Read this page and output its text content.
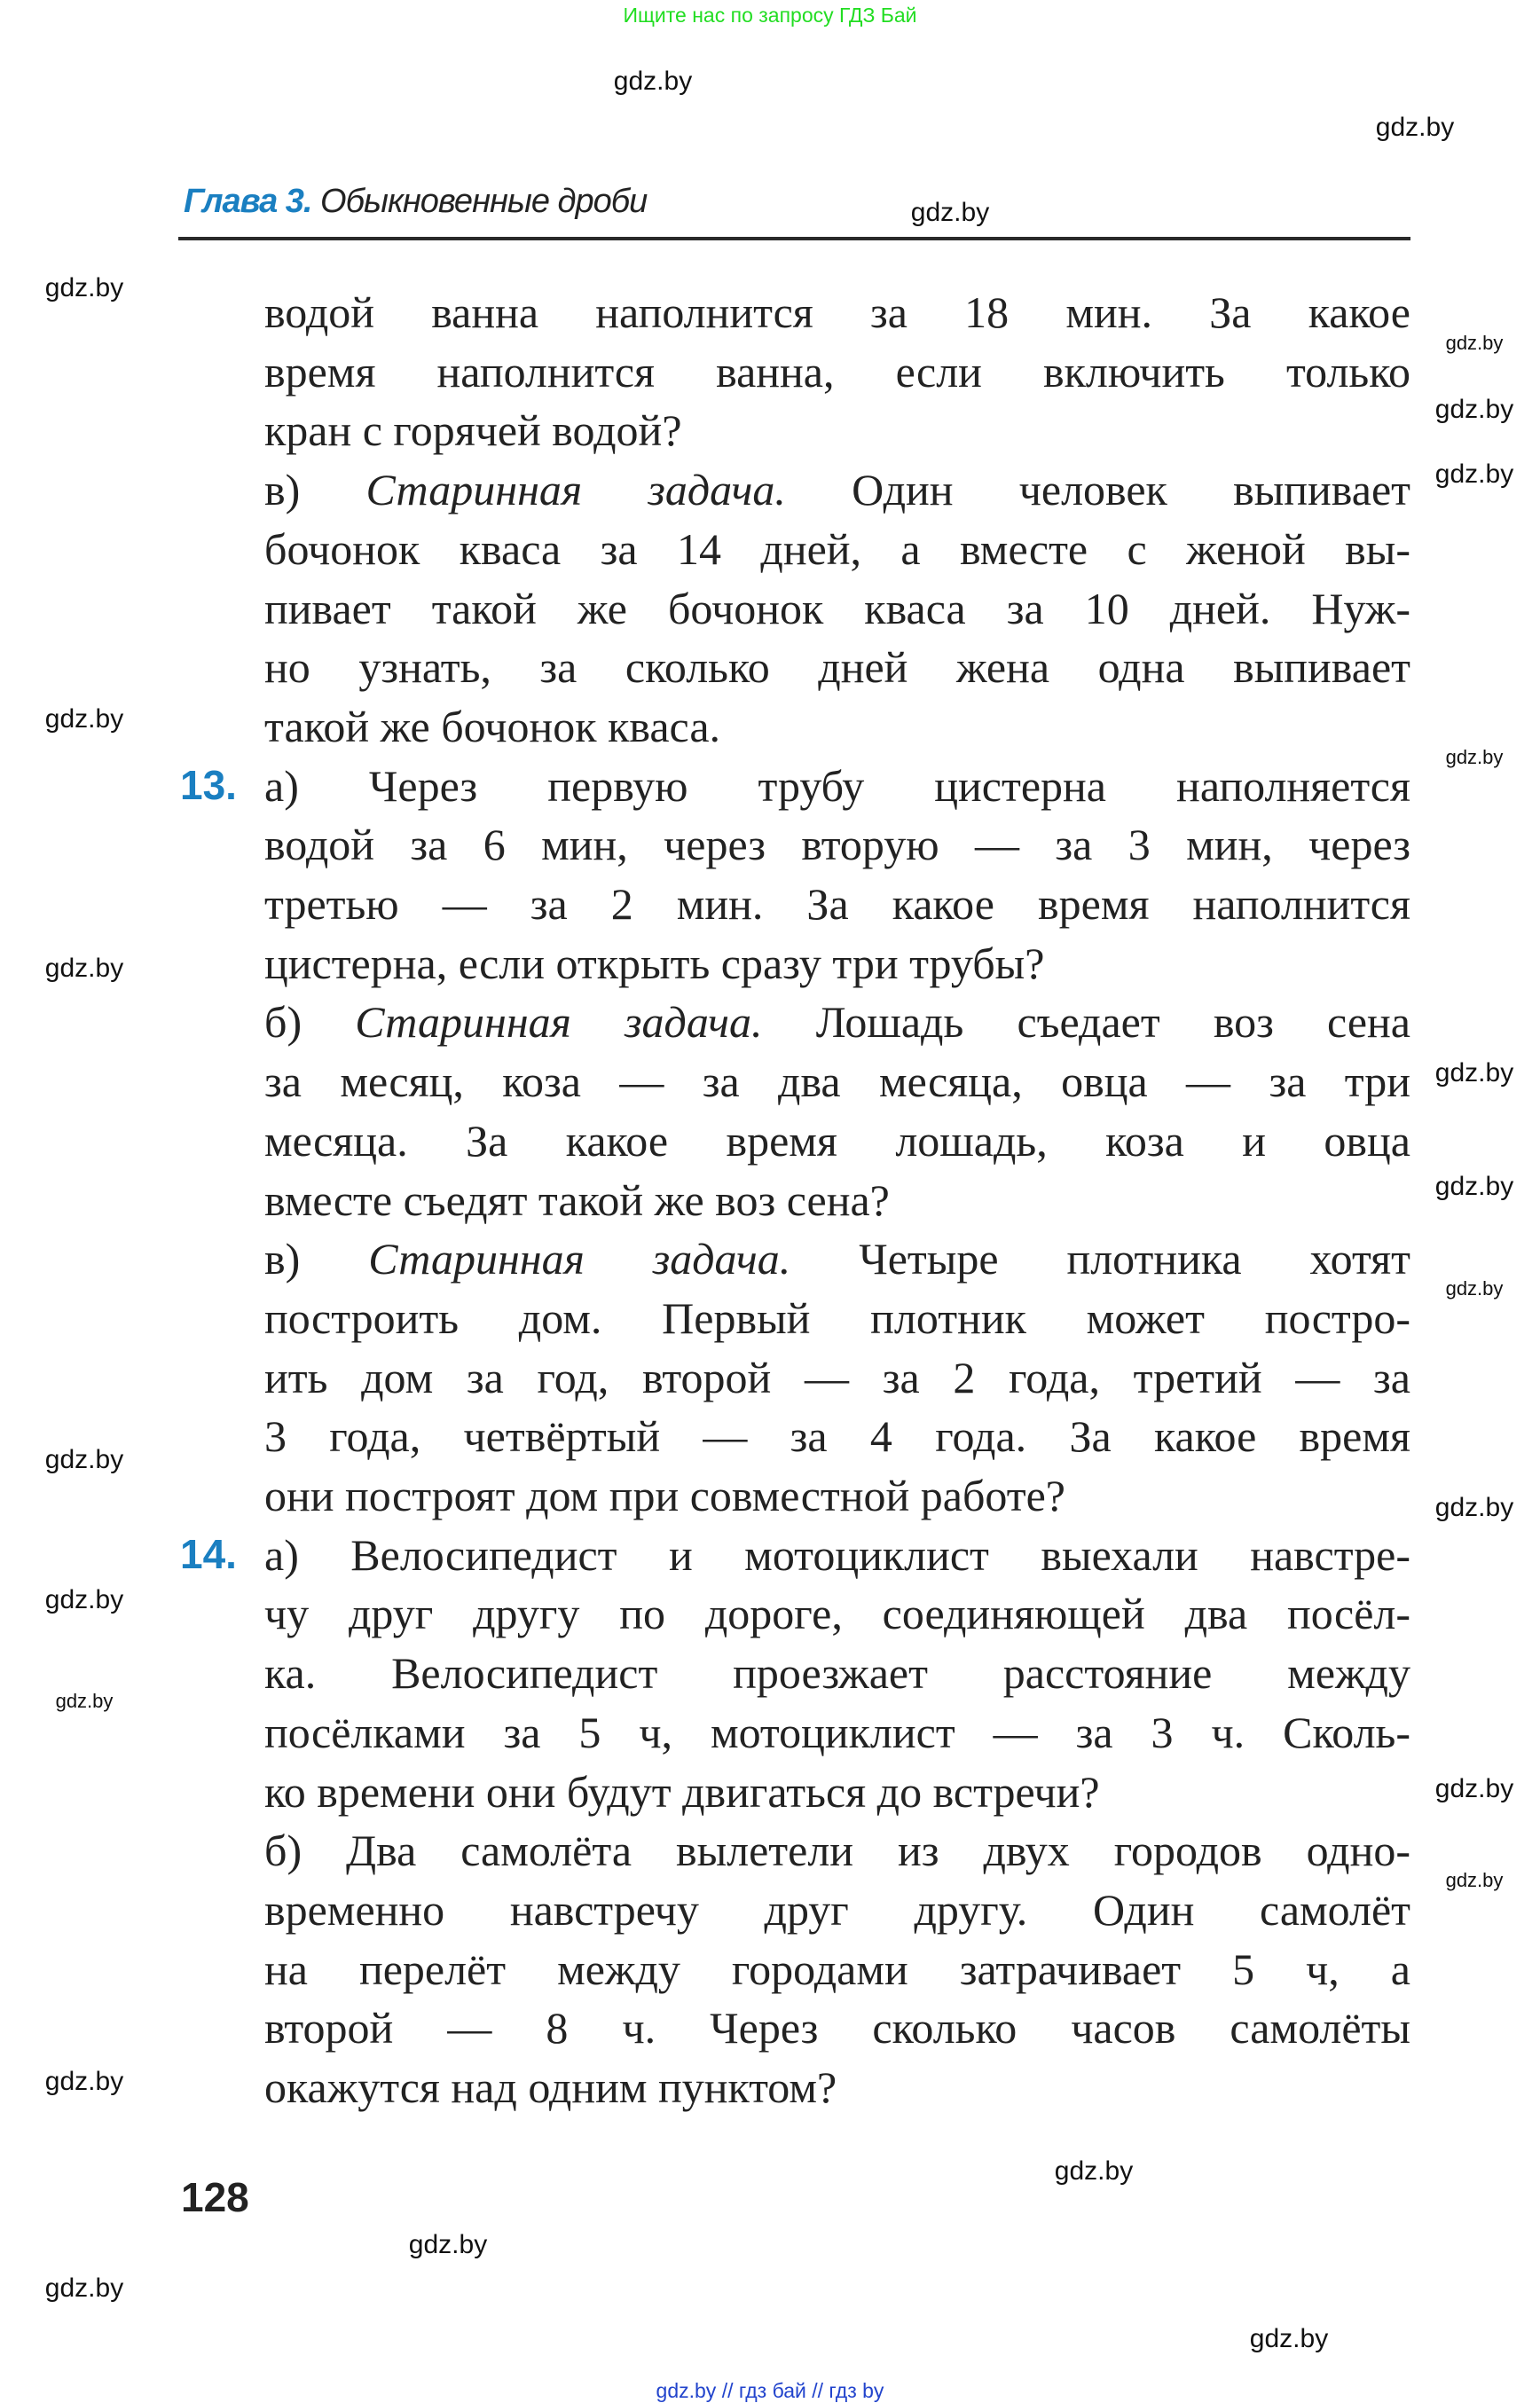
Ищите нас по запросу ГДЗ Бай
Глава 3. Обыкновенные дроби
водой ванна наполнится за 18 мин. За какое
время наполнится ванна, если включить только
кран с горячей водой?
в) Старинная задача. Один человек выпивает
бочонок кваса за 14 дней, а вместе с женой вы-
пивает такой же бочонок кваса за 10 дней. Нуж-
но узнать, за сколько дней жена одна выпивает
такой же бочонок кваса.
а) Через первую трубу цистерна наполняется
водой за 6 мин, через вторую — за 3 мин, через
третью — за 2 мин. За какое время наполнится
цистерна, если открыть сразу три трубы?
б) Старинная задача. Лошадь съедает воз сена
за месяц, коза — за два месяца, овца — за три
месяца. За какое время лошадь, коза и овца
вместе съедят такой же воз сена?
в) Старинная задача. Четыре плотника хотят
построить дом. Первый плотник может постро-
ить дом за год, второй — за 2 года, третий — за
3 года, четвёртый — за 4 года. За какое время
они построят дом при совместной работе?
а) Велосипедист и мотоциклист выехали навстре-
чу друг другу по дороге, соединяющей два посёл-
ка. Велосипедист проезжает расстояние между
посёлками за 5 ч, мотоциклист — за 3 ч. Сколь-
ко времени они будут двигаться до встречи?
б) Два самолёта вылетели из двух городов одно-
временно навстречу друг другу. Один самолёт
на перелёт между городами затрачивает 5 ч, а
второй — 8 ч. Через сколько часов самолёты
окажутся над одним пунктом?
13.
14.
128
gdz.by
gdz.by
gdz.by
gdz.by
gdz.by
gdz.by
gdz.by
gdz.by
gdz.by
gdz.by
gdz.by
gdz.by
gdz.by
gdz.by
gdz.by
gdz.by
gdz.by
gdz.by
gdz.by
gdz.by
gdz.by
gdz.by
gdz.by
gdz.by
gdz.by // гдз бай // гдз by
